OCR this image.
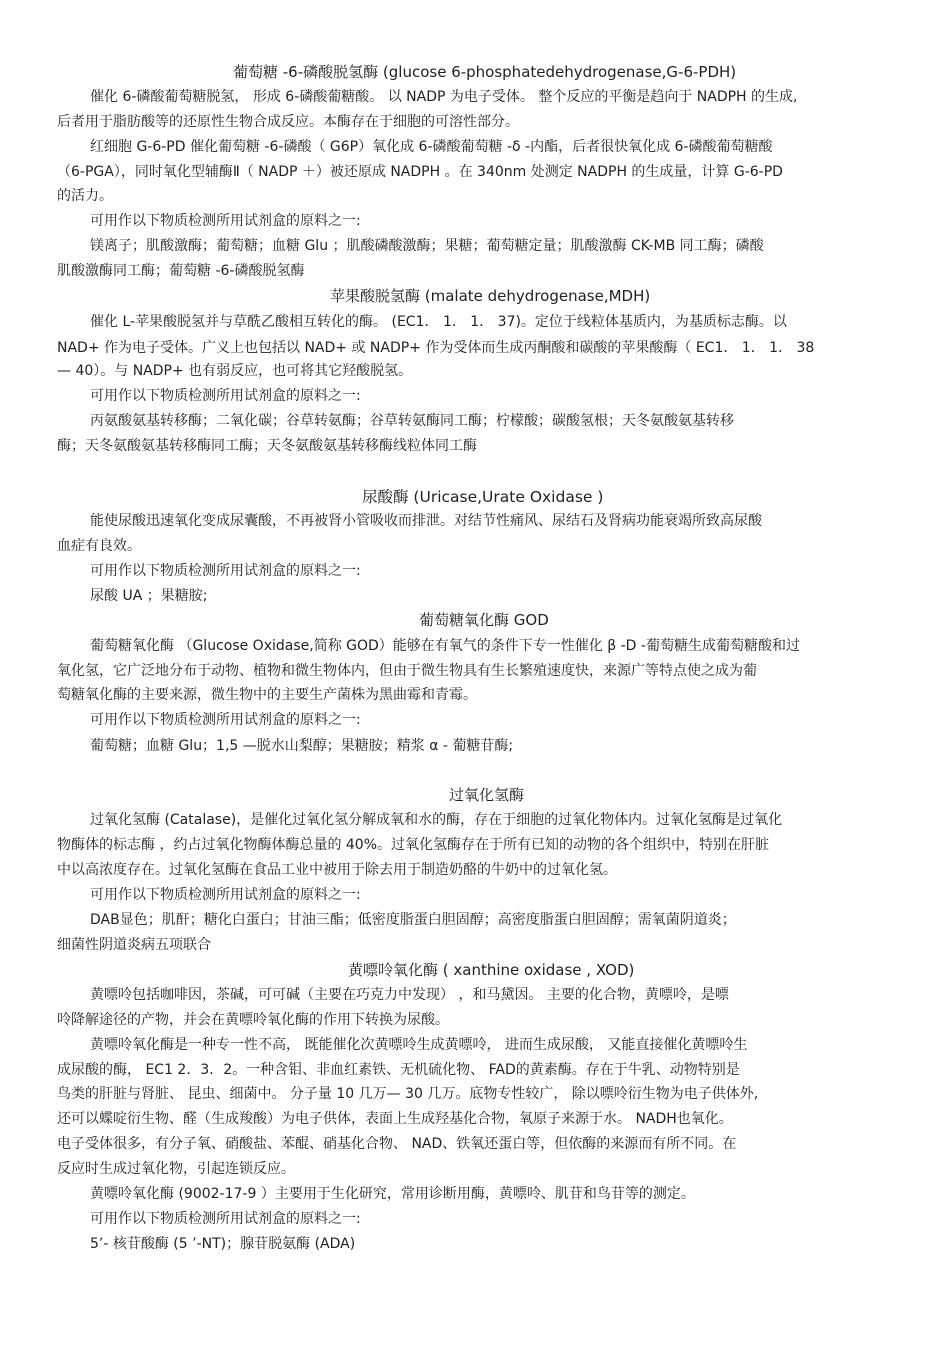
葡萄糖 -6-磷酸脱氢酶 (glucose 6-phosphatedehydrogenase,G-6-PDH)
催化 6-磷酸葡萄糖脱氢， 形成 6-磷酸葡糖酸。 以 NADP 为电子受体。 整个反应的平衡是趋向于 NADPH 的生成,
后者用于脂肪酸等的还原性生物合成反应。本酶存在于细胞的可溶性部分。
红细胞 G-6-PD 催化葡萄糖 -6-磷酸（ G6P）氧化成 6-磷酸葡萄糖 -δ -内酯，后者很快氧化成 6-磷酸葡萄糖酸
（6-PGA），同时氧化型辅酶Ⅱ（ NADP ＋）被还原成 NADPH 。在 340nm 处测定 NADPH 的生成量，计算 G-6-PD
的活力。
可用作以下物质检测所用试剂盒的原料之一:
镁离子；肌酸激酶；葡萄糖；血糖 Glu ；肌酸磷酸激酶；果糖；葡萄糖定量；肌酸激酶 CK-MB 同工酶；磷酸
肌酸激酶同工酶；葡萄糖 -6-磷酸脱氢酶
苹果酸脱氢酶 (malate dehydrogenase,MDH)
催化 L-苹果酸脱氢并与草酰乙酸相互转化的酶。 (EC1． 1． 1． 37)。定位于线粒体基质内，为基质标志酶。以
NAD+ 作为电子受体。广义上也包括以 NAD+ 或 NADP+ 作为受体而生成丙酮酸和碳酸的苹果酸酶（ EC1． 1． 1． 38
— 40）。与 NADP+ 也有弱反应，也可将其它羟酸脱氢。
可用作以下物质检测所用试剂盒的原料之一:
丙氨酸氨基转移酶；二氧化碳；谷草转氨酶；谷草转氨酶同工酶；柠檬酸；碳酸氢根；天冬氨酸氨基转移
酶；天冬氨酸氨基转移酶同工酶；天冬氨酸氨基转移酶线粒体同工酶
尿酸酶 (Uricase,Urate Oxidase )
能使尿酸迅速氧化变成尿囊酸，不再被肾小管吸收而排泄。对结节性痛风、尿结石及肾病功能衰竭所致高尿酸
血症有良效。
可用作以下物质检测所用试剂盒的原料之一:
尿酸 UA ；果糖胺;
葡萄糖氧化酶 GOD
葡萄糖氧化酶 （Glucose Oxidase,简称 GOD）能够在有氧气的条件下专一性催化 β -D -葡萄糖生成葡萄糖酸和过
氧化氢，它广泛地分布于动物、植物和微生物体内，但由于微生物具有生长繁殖速度快，来源广等特点使之成为葡
萄糖氧化酶的主要来源，微生物中的主要生产菌株为黑曲霉和青霉。
可用作以下物质检测所用试剂盒的原料之一:
葡萄糖；血糖 Glu；1,5 —脱水山梨醇；果糖胺；精浆 α - 葡糖苷酶;
过氧化氢酶
过氧化氢酶 (Catalase)，是催化过氧化氢分解成氧和水的酶，存在于细胞的过氧化物体内。过氧化氢酶是过氧化
物酶体的标志酶 ，约占过氧化物酶体酶总量的 40%。过氧化氢酶存在于所有已知的动物的各个组织中，特别在肝脏
中以高浓度存在。过氧化氢酶在食品工业中被用于除去用于制造奶酪的牛奶中的过氧化氢。
可用作以下物质检测所用试剂盒的原料之一:
DAB显色；肌酐；糖化白蛋白；甘油三酯；低密度脂蛋白胆固醇；高密度脂蛋白胆固醇；需氧菌阴道炎；
细菌性阴道炎病五项联合
黄嘌呤氧化酶 ( xanthine oxidase , XOD)
黄嘌呤包括咖啡因，茶碱，可可碱（主要在巧克力中发现） ，和马黛因。 主要的化合物，黄嘌呤，是嘌
呤降解途径的产物，并会在黄嘌呤氧化酶的作用下转换为尿酸。
黄嘌呤氧化酶是一种专一性不高， 既能催化次黄嘌呤生成黄嘌呤， 进而生成尿酸， 又能直接催化黄嘌呤生
成尿酸的酶， EC1 2．3．2。一种含钼、非血红素铁、无机硫化物、 FAD的黄素酶。存在于牛乳、动物特别是
鸟类的肝脏与肾脏、 昆虫、细菌中。 分子量 10 几万— 30 几万。底物专性较广， 除以嘌呤衍生物为电子供体外,
还可以蝶啶衍生物、醛（生成羧酸）为电子供体，表面上生成羟基化合物，氧原子来源于水。 NADH也氧化。
电子受体很多，有分子氧、硝酸盐、苯醌、硝基化合物、 NAD、铁氧还蛋白等，但依酶的来源而有所不同。在
反应时生成过氧化物，引起连锁反应。
黄嘌呤氧化酶 (9002-17-9 ）主要用于生化研究，常用诊断用酶，黄嘌呤、肌苷和鸟苷等的测定。
可用作以下物质检测所用试剂盒的原料之一:
5’- 核苷酸酶 (5 ’-NT)；腺苷脱氨酶 (ADA)
